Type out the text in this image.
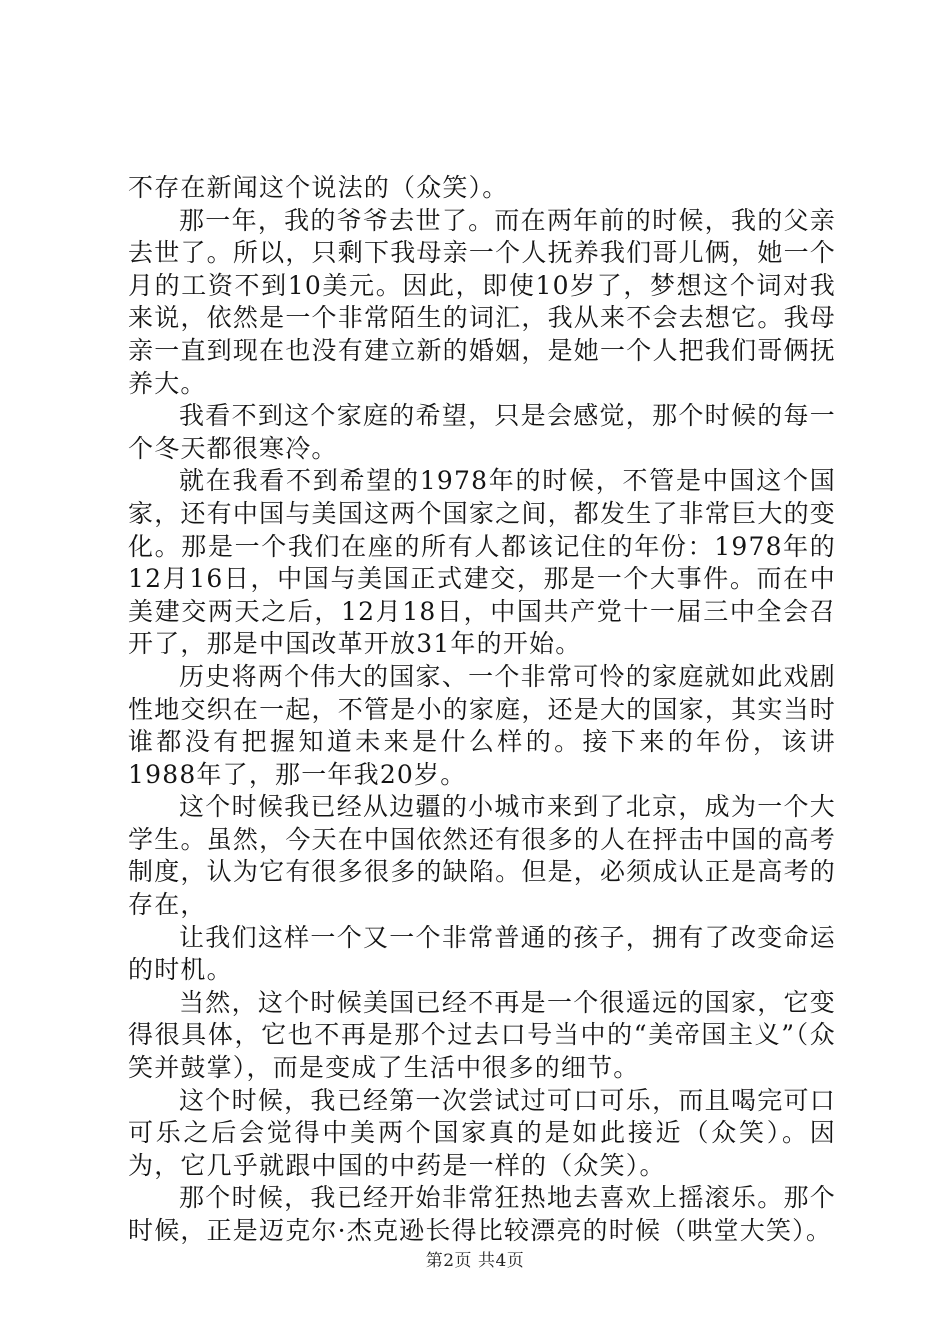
不存在新闻这个说法的（众笑）。

那一年，我的爷爷去世了。而在两年前的时候，我的父亲去世了。所以，只剩下我母亲一个人抚养我们哥儿俩，她一个月的工资不到10美元。因此，即使10岁了，梦想这个词对我来说，依然是一个非常陌生的词汇，我从来不会去想它。我母亲一直到现在也没有建立新的婚姻，是她一个人把我们哥俩抚养大。

我看不到这个家庭的希望，只是会感觉，那个时候的每一个冬天都很寒冷。

就在我看不到希望的1978年的时候，不管是中国这个国家，还有中国与美国这两个国家之间，都发生了非常巨大的变化。那是一个我们在座的所有人都该记住的年份：1978年的12月16日，中国与美国正式建交，那是一个大事件。而在中美建交两天之后，12月18日，中国共产党十一届三中全会召开了，那是中国改革开放31年的开始。

历史将两个伟大的国家、一个非常可怜的家庭就如此戏剧性地交织在一起，不管是小的家庭，还是大的国家，其实当时谁都没有把握知道未来是什么样的。接下来的年份，该讲1988年了，那一年我20岁。

这个时候我已经从边疆的小城市来到了北京，成为一个大学生。虽然，今天在中国依然还有很多的人在抨击中国的高考制度，认为它有很多很多的缺陷。但是，必须成认正是高考的存在，

让我们这样一个又一个非常普通的孩子，拥有了改变命运的时机。

当然，这个时候美国已经不再是一个很遥远的国家，它变得很具体，它也不再是那个过去口号当中的“美帝国主义”（众笑并鼓掌），而是变成了生活中很多的细节。

这个时候，我已经第一次尝试过可口可乐，而且喝完可口可乐之后会觉得中美两个国家真的是如此接近（众笑）。因为，它几乎就跟中国的中药是一样的（众笑）。

那个时候，我已经开始非常狂热地去喜欢上摇滚乐。那个时候，正是迈克尔·杰克逊长得比较漂亮的时候（哄堂大笑）。

第2页 共4页
